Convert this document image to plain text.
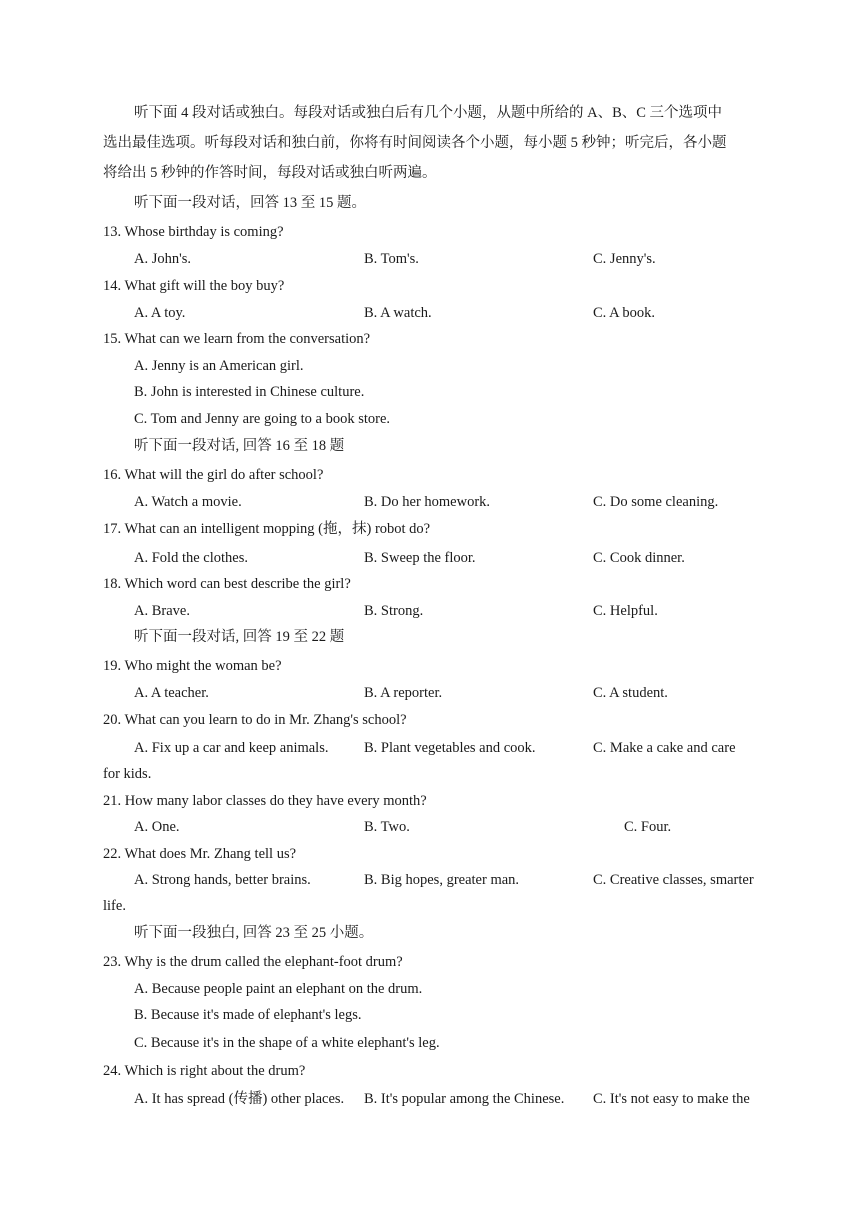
听下面 4 段对话或独白。每段对话或独白后有几个小题，从题中所给的 A、B、C 三个选项中
选出最佳选项。听每段对话和独白前，你将有时间阅读各个小题，每小题 5 秒钟；听完后，各小题
将给出 5 秒钟的作答时间，每段对话或独白听两遍。
听下面一段对话，回答 13 至 15 题。
13. Whose birthday is coming?
A. John's.	B. Tom's.	C. Jenny's.
14. What gift will the boy buy?
A. A toy.	B. A watch.	C. A book.
15. What can we learn from the conversation?
A. Jenny is an American girl.
B. John is interested in Chinese culture.
C. Tom and Jenny are going to a book store.
听下面一段对话, 回答 16 至 18 题
16. What will the girl do after school?
A. Watch a movie.	B. Do her homework.	C. Do some cleaning.
17. What can an intelligent mopping (拖，抹) robot do?
A. Fold the clothes.	B. Sweep the floor.	C. Cook dinner.
18. Which word can best describe the girl?
A. Brave.	B. Strong.	C. Helpful.
听下面一段对话, 回答 19 至 22 题
19. Who might the woman be?
A. A teacher.	B. A reporter.	C. A student.
20. What can you learn to do in Mr. Zhang's school?
A. Fix up a car and keep animals. B. Plant vegetables and cook.	C. Make a cake and care
for kids.
21. How many labor classes do they have every month?
A. One.	B. Two.	C. Four.
22. What does Mr. Zhang tell us?
A. Strong hands, better brains.	B. Big hopes, greater man.	C. Creative classes, smarter
life.
听下面一段独白, 回答 23 至 25 小题。
23. Why is the drum called the elephant-foot drum?
A. Because people paint an elephant on the drum.
B. Because it's made of elephant's legs.
C. Because it's in the shape of a white elephant's leg.
24. Which is right about the drum?
A. It has spread (传播) other places. B. It's popular among the Chinese. C. It's not easy to make the
